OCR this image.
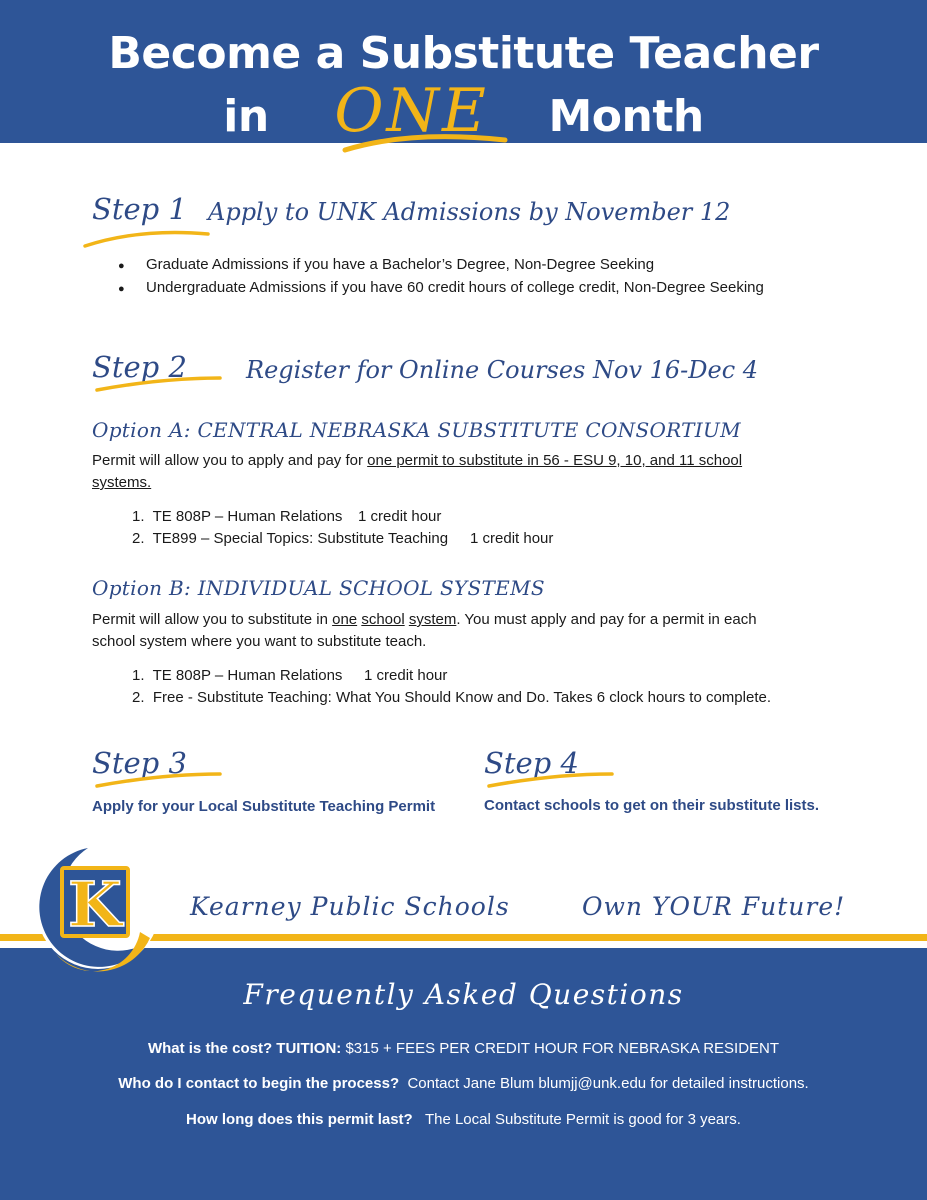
Become a Substitute Teacher
in ONE Month
Step 1 Apply to UNK Admissions by November 12
● Graduate Admissions if you have a Bachelor’s Degree, Non-Degree Seeking
● Undergraduate Admissions if you have 60 credit hours of college credit, Non-Degree Seeking
Step 2 Register for Online Courses Nov 16-Dec 4
Option A: CENTRAL NEBRASKA SUBSTITUTE CONSORTIUM
Permit will allow you to apply and pay for one permit to substitute in 56 - ESU 9, 10, and 11 school
systems.
1. TE 808P – Human Relations 1 credit hour
2. TE899 – Special Topics: Substitute Teaching 1 credit hour
Option B: INDIVIDUAL SCHOOL SYSTEMS
Permit will allow you to substitute in one school system. You must apply and pay for a permit in each
school system where you want to substitute teach.
1. TE 808P – Human Relations 1 credit hour
2. Free - Substitute Teaching: What You Should Know and Do. Takes 6 clock hours to complete.
Step 3
Apply for your Local Substitute Teaching Permit
Step 4
Contact schools to get on their substitute lists.
K	Kearney Public Schools	Own YOUR Future!
Frequently Asked Questions
What is the cost? TUITION: $315 + FEES PER CREDIT HOUR FOR NEBRASKA RESIDENT
Who do I contact to begin the process?  Contact Jane Blum blumjj@unk.edu for detailed instructions.
How long does this permit last?   The Local Substitute Permit is good for 3 years.
